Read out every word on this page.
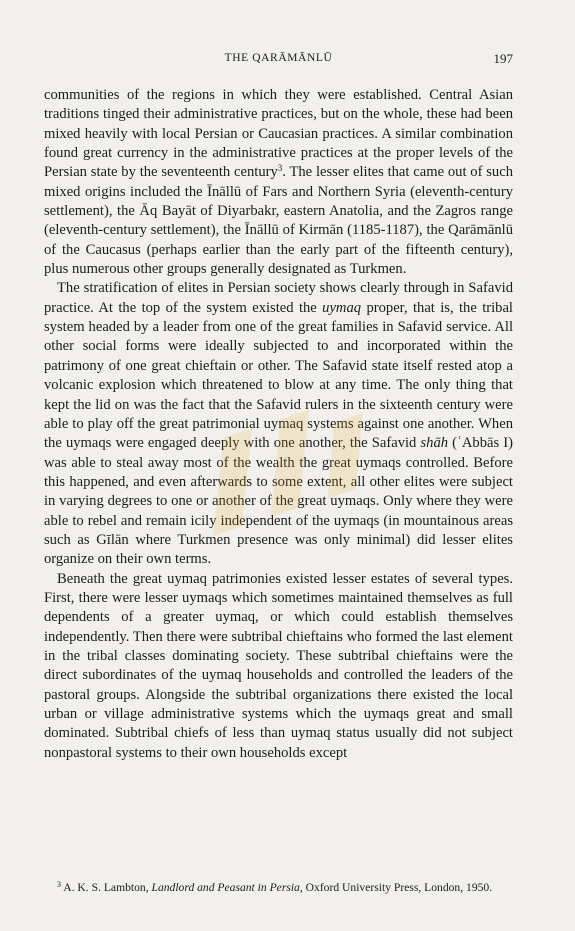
THE QARĀMĀNLŪ	197

communities of the regions in which they were established. Central Asian traditions tinged their administrative practices, but on the whole, these had been mixed heavily with local Persian or Caucasian practices. A similar combination found great currency in the administrative practices at the proper levels of the Persian state by the seventeenth century$^3$. The lesser elites that came out of such mixed origins included the Īnāllū of Fars and Northern Syria (eleventh-century settlement), the Āq Bayāt of Diyarbakr, eastern Anatolia, and the Zagros range (eleventh-century settlement), the Īnāllū of Kirmān (1185-1187), the Qarāmānlū of the Caucasus (perhaps earlier than the early part of the fifteenth century), plus numerous other groups generally designated as Turkmen.

The stratification of elites in Persian society shows clearly through in Safavid practice. At the top of the system existed the uymaq proper, that is, the tribal system headed by a leader from one of the great families in Safavid service. All other social forms were ideally subjected to and incorporated within the patrimony of one great chieftain or other. The Safavid state itself rested atop a volcanic explosion which threatened to blow at any time. The only thing that kept the lid on was the fact that the Safavid rulers in the sixteenth century were able to play off the great patrimonial uymaq systems against one another. When the uymaqs were engaged deeply with one another, the Safavid shāh (ʿAbbās I) was able to steal away most of the wealth the great uymaqs controlled. Before this happened, and even afterwards to some extent, all other elites were subject in varying degrees to one or another of the great uymaqs. Only where they were able to rebel and remain icily independent of the uymaqs (in mountainous areas such as Gīlān where Turkmen presence was only minimal) did lesser elites organize on their own terms.

Beneath the great uymaq patrimonies existed lesser estates of several types. First, there were lesser uymaqs which sometimes maintained themselves as full dependents of a greater uymaq, or which could establish themselves independently. Then there were subtribal chieftains who formed the last element in the tribal classes dominating society. These subtribal chieftains were the direct subordinates of the uymaq households and controlled the leaders of the pastoral groups. Alongside the subtribal organizations there existed the local urban or village administrative systems which the uymaqs great and small dominated. Subtribal chiefs of less than uymaq status usually did not subject nonpastoral systems to their own households except

$^3$ A. K. S. Lambton, Landlord and Peasant in Persia, Oxford University Press, London, 1950.
